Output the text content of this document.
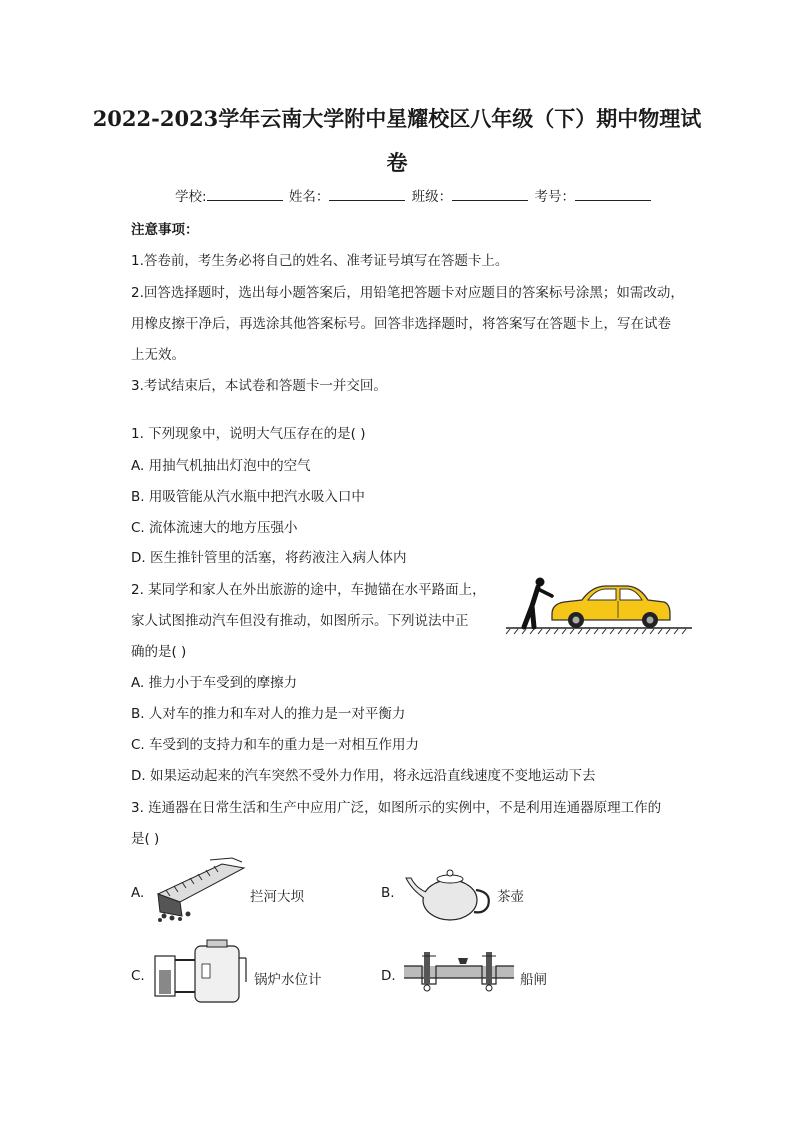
2022-2023学年云南大学附中星耀校区八年级（下）期中物理试
卷
学校:	姓名：	班级：	考号：
注意事项：
1.答卷前，考生务必将自己的姓名、准考证号填写在答题卡上。
2.回答选择题时，选出每小题答案后，用铅笔把答题卡对应题目的答案标号涂黑；如需改动，
用橡皮擦干净后，再选涂其他答案标号。回答非选择题时，将答案写在答题卡上，写在试卷
上无效。
3.考试结束后，本试卷和答题卡一并交回。
1. 下列现象中，说明大气压存在的是( )
A. 用抽气机抽出灯泡中的空气
B. 用吸管能从汽水瓶中把汽水吸入口中
C. 流体流速大的地方压强小
D. 医生推针管里的活塞，将药液注入病人体内
2. 某同学和家人在外出旅游的途中，车抛锚在水平路面上，
家人试图推动汽车但没有推动，如图所示。下列说法中正
确的是( )
A. 推力小于车受到的摩擦力
B. 人对车的推力和车对人的推力是一对平衡力
C. 车受到的支持力和车的重力是一对相互作用力
D. 如果运动起来的汽车突然不受外力作用，将永远沿直线速度不变地运动下去
3. 连通器在日常生活和生产中应用广泛，如图所示的实例中，不是利用连通器原理工作的
是( )
A.	拦河大坝	B.	茶壶
C.	锅炉水位计	D.	船闸
